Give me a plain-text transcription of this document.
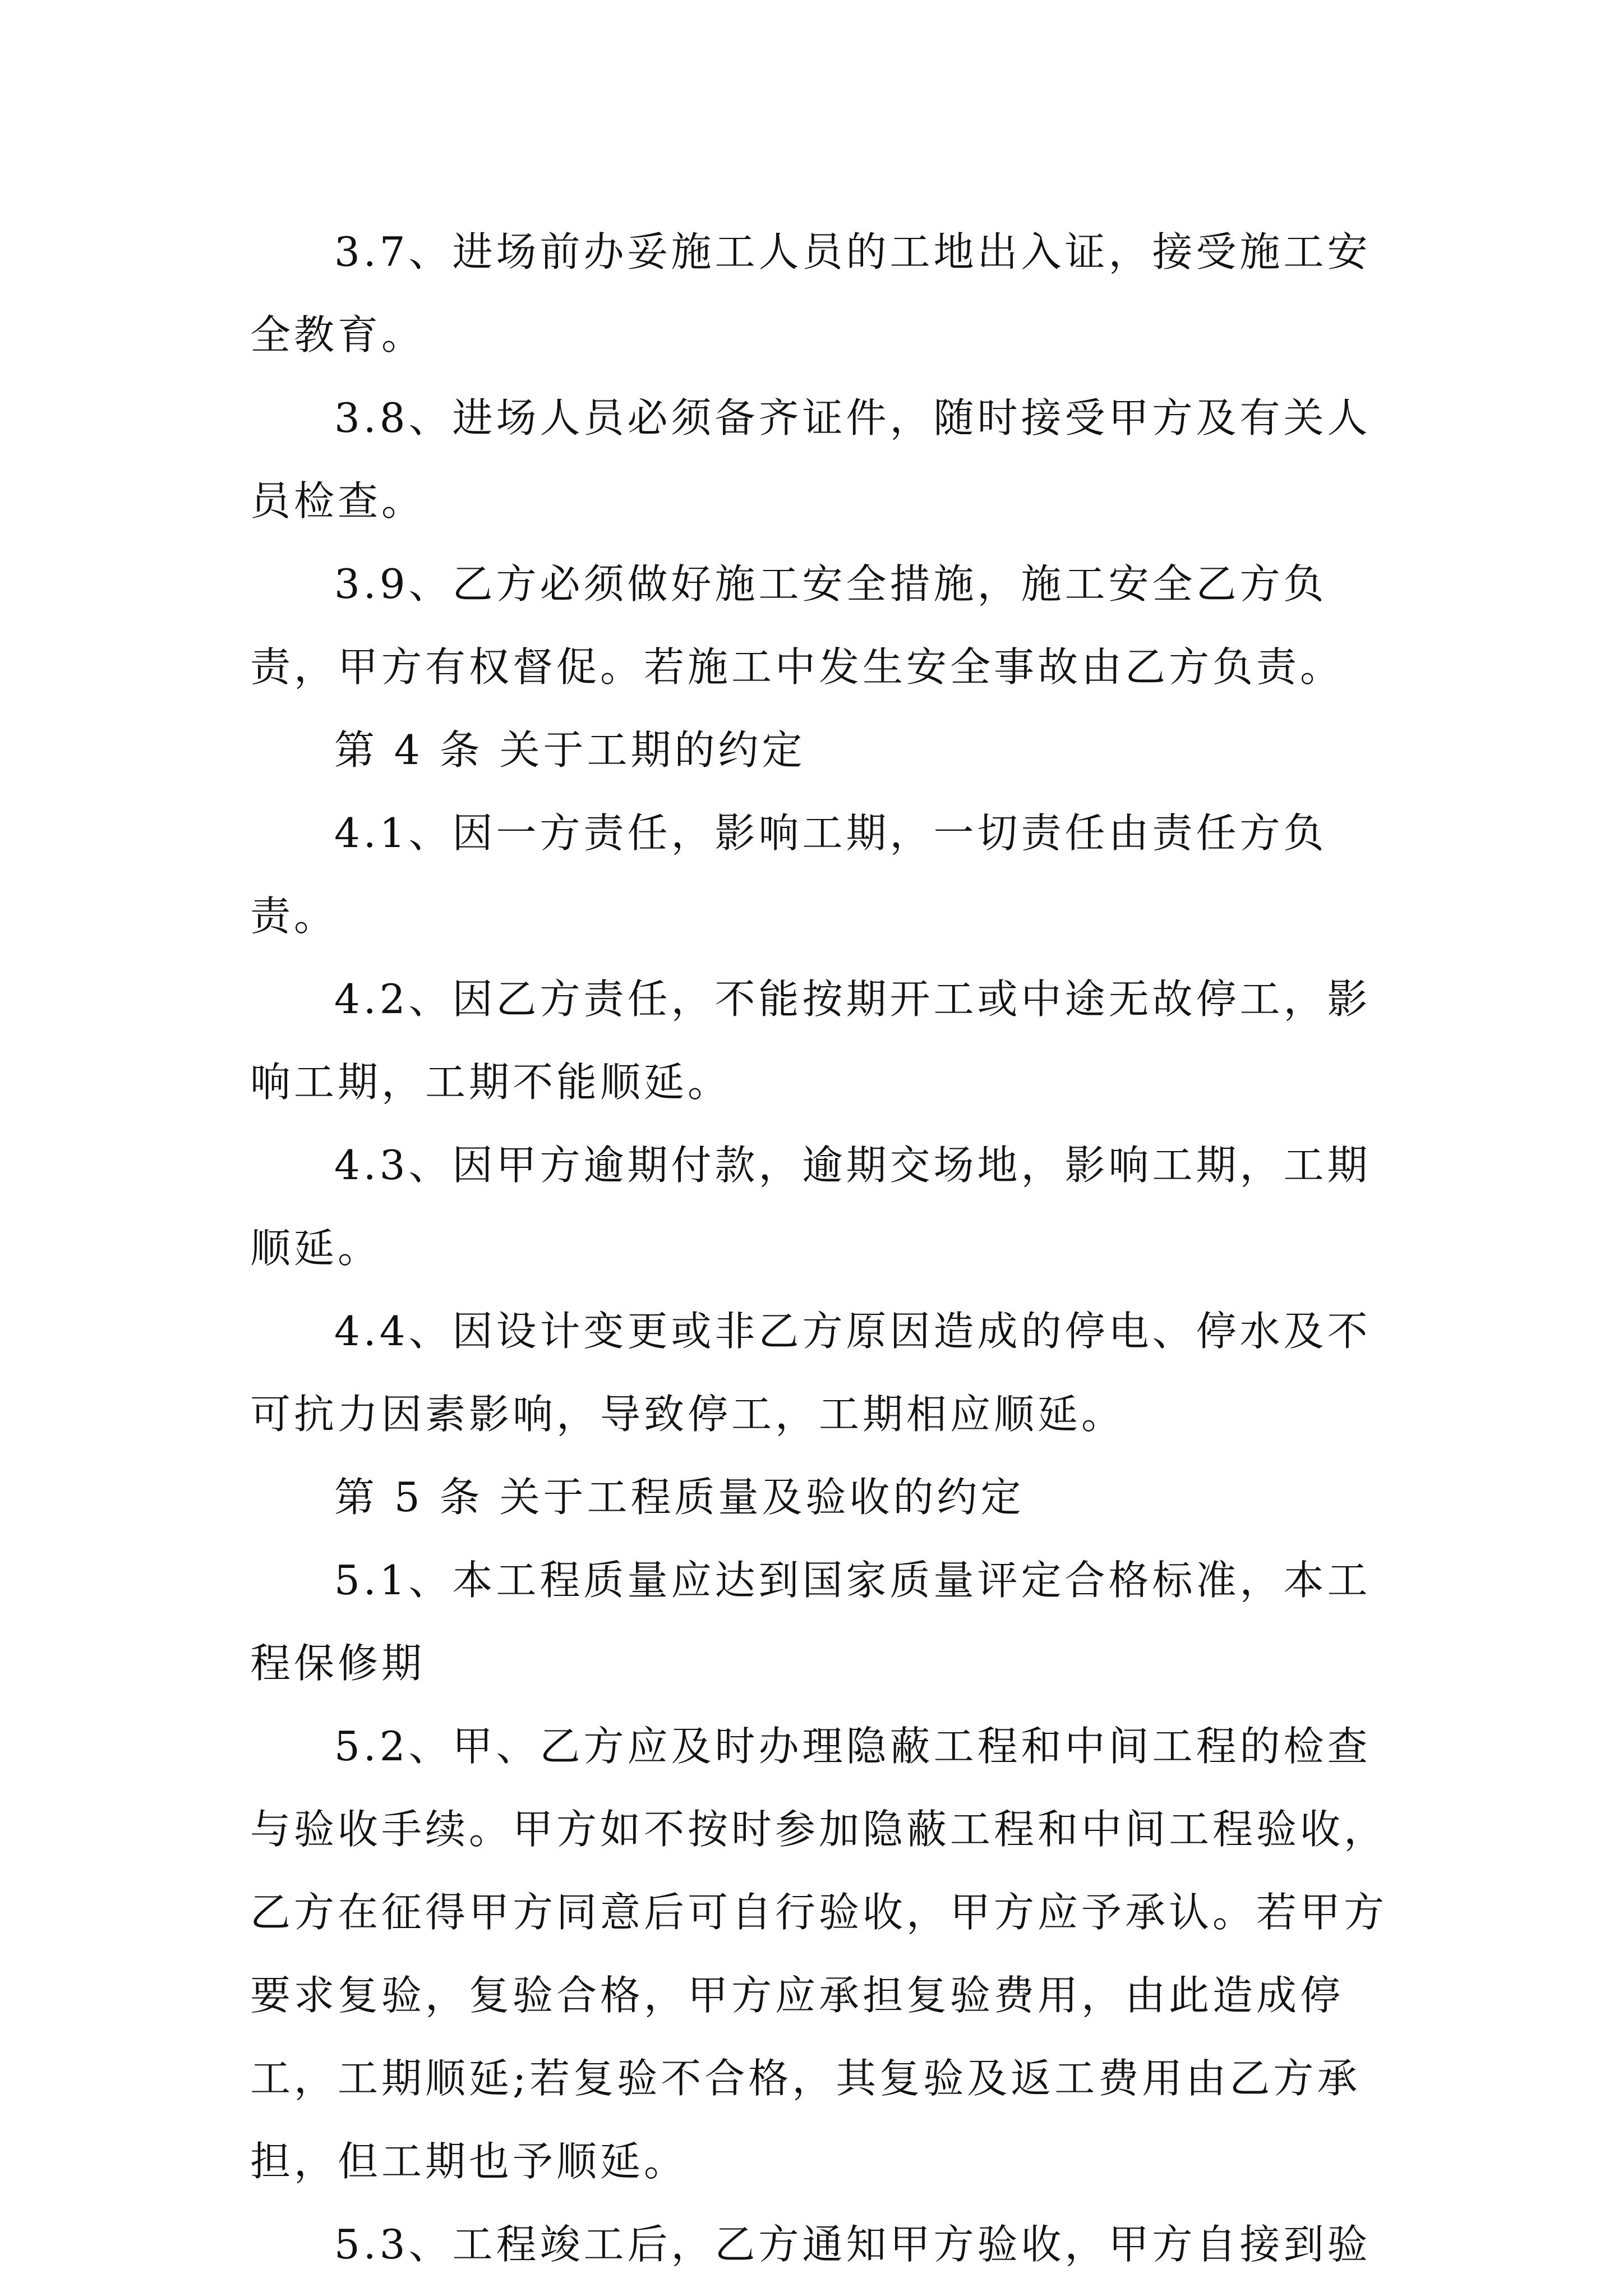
3.7、进场前办妥施工人员的工地出入证，接受施工安全教育。

3.8、进场人员必须备齐证件，随时接受甲方及有关人员检查。

3.9、乙方必须做好施工安全措施，施工安全乙方负责，甲方有权督促。若施工中发生安全事故由乙方负责。

第 4 条 关于工期的约定

4.1、因一方责任，影响工期，一切责任由责任方负责。

4.2、因乙方责任，不能按期开工或中途无故停工，影响工期，工期不能顺延。

4.3、因甲方逾期付款，逾期交场地，影响工期，工期顺延。

4.4、因设计变更或非乙方原因造成的停电、停水及不可抗力因素影响，导致停工，工期相应顺延。

第 5 条 关于工程质量及验收的约定

5.1、本工程质量应达到国家质量评定合格标准，本工程保修期

5.2、甲、乙方应及时办理隐蔽工程和中间工程的检查与验收手续。甲方如不按时参加隐蔽工程和中间工程验收，乙方在征得甲方同意后可自行验收，甲方应予承认。若甲方要求复验，复验合格，甲方应承担复验费用，由此造成停工，工期顺延;若复验不合格，其复验及返工费用由乙方承担，但工期也予顺延。

5.3、工程竣工后，乙方通知甲方验收，甲方自接到验
